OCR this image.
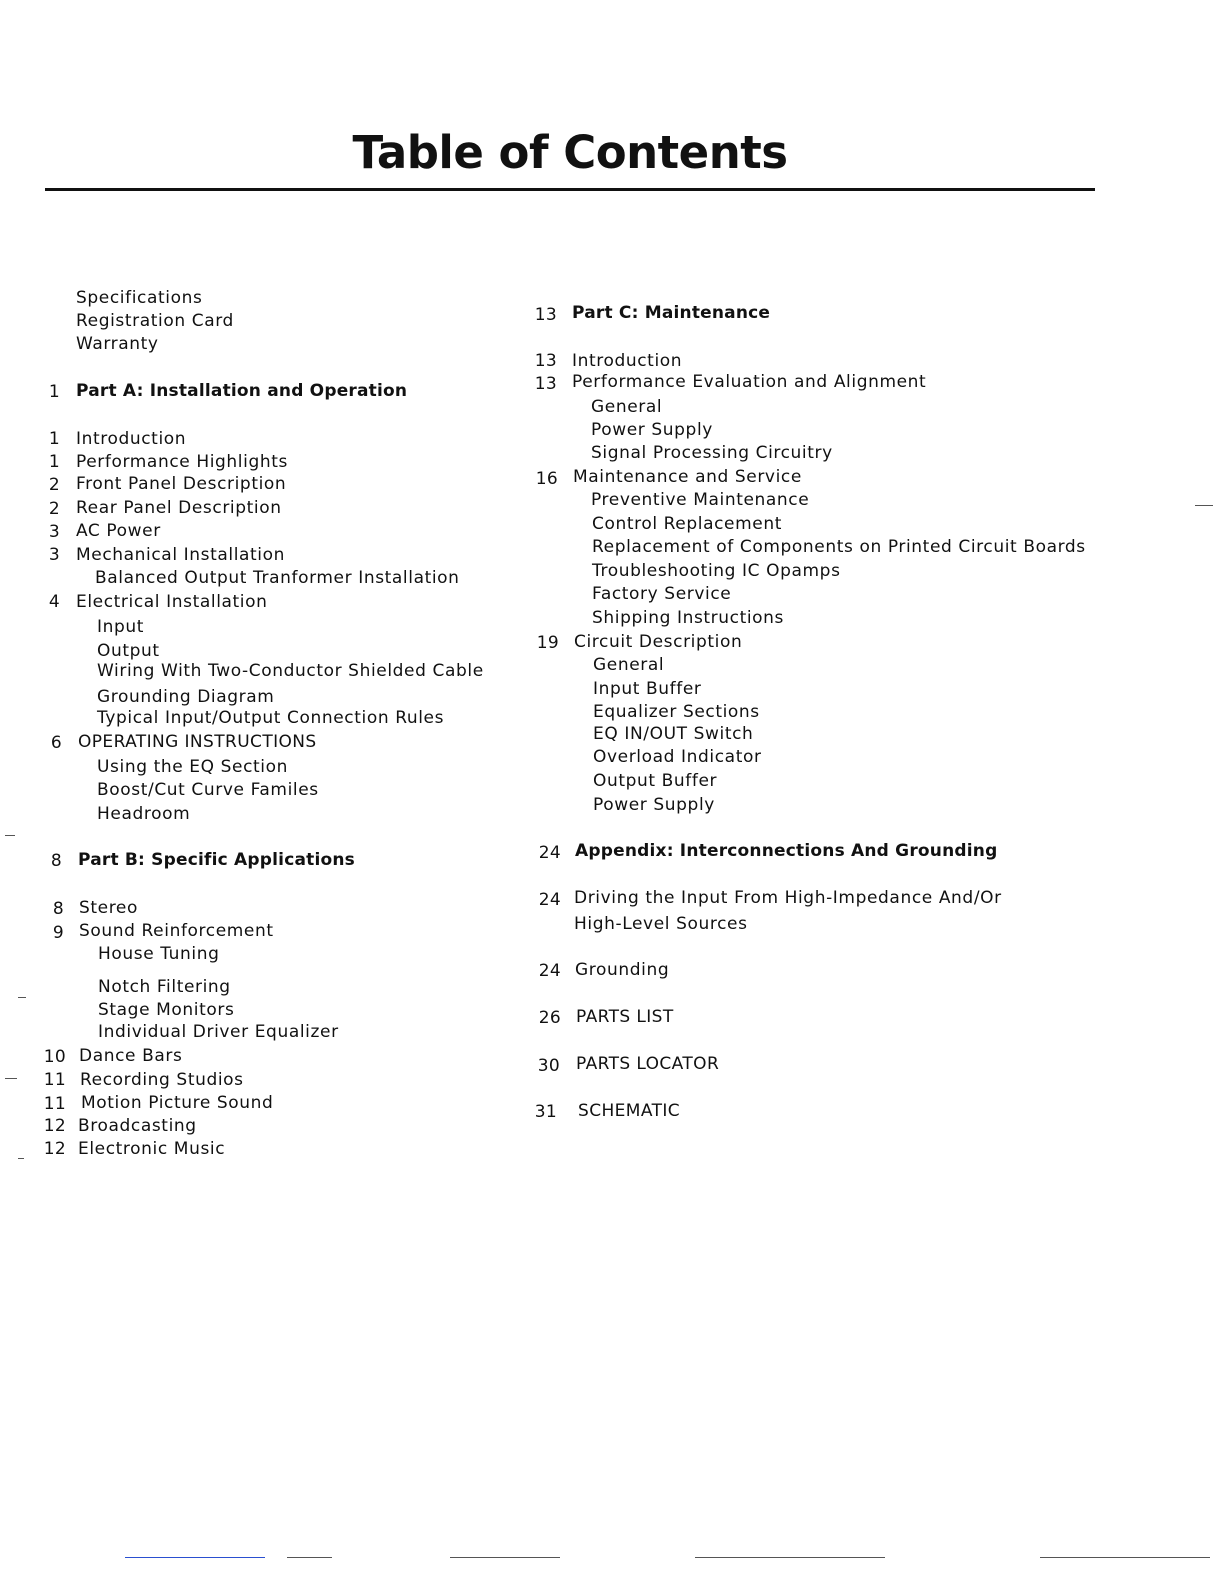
Table of Contents
Specifications
Registration Card
Warranty
1 Part A: Installation and Operation
1 Introduction
1 Performance Highlights
2 Front Panel Description
2 Rear Panel Description
3 AC Power
3 Mechanical Installation
Balanced Output Tranformer Installation
4 Electrical Installation
Input
Output
Wiring With Two-Conductor Shielded Cable
Grounding Diagram
Typical Input/Output Connection Rules
6 OPERATING INSTRUCTIONS
Using the EQ Section
Boost/Cut Curve Familes
Headroom
8 Part B: Specific Applications
8 Stereo
9 Sound Reinforcement
House Tuning
Notch Filtering
Stage Monitors
Individual Driver Equalizer
10 Dance Bars
11 Recording Studios
11 Motion Picture Sound
12 Broadcasting
12 Electronic Music
13 Part C: Maintenance
13 Introduction
13 Performance Evaluation and Alignment
General
Power Supply
Signal Processing Circuitry
16 Maintenance and Service
Preventive Maintenance
Control Replacement
Replacement of Components on Printed Circuit Boards
Troubleshooting IC Opamps
Factory Service
Shipping Instructions
19 Circuit Description
General
Input Buffer
Equalizer Sections
EQ IN/OUT Switch
Overload Indicator
Output Buffer
Power Supply
24 Appendix: Interconnections And Grounding
24 Driving the Input From High-Impedance And/Or High-Level Sources
24 Grounding
26 PARTS LIST
30 PARTS LOCATOR
31 SCHEMATIC
